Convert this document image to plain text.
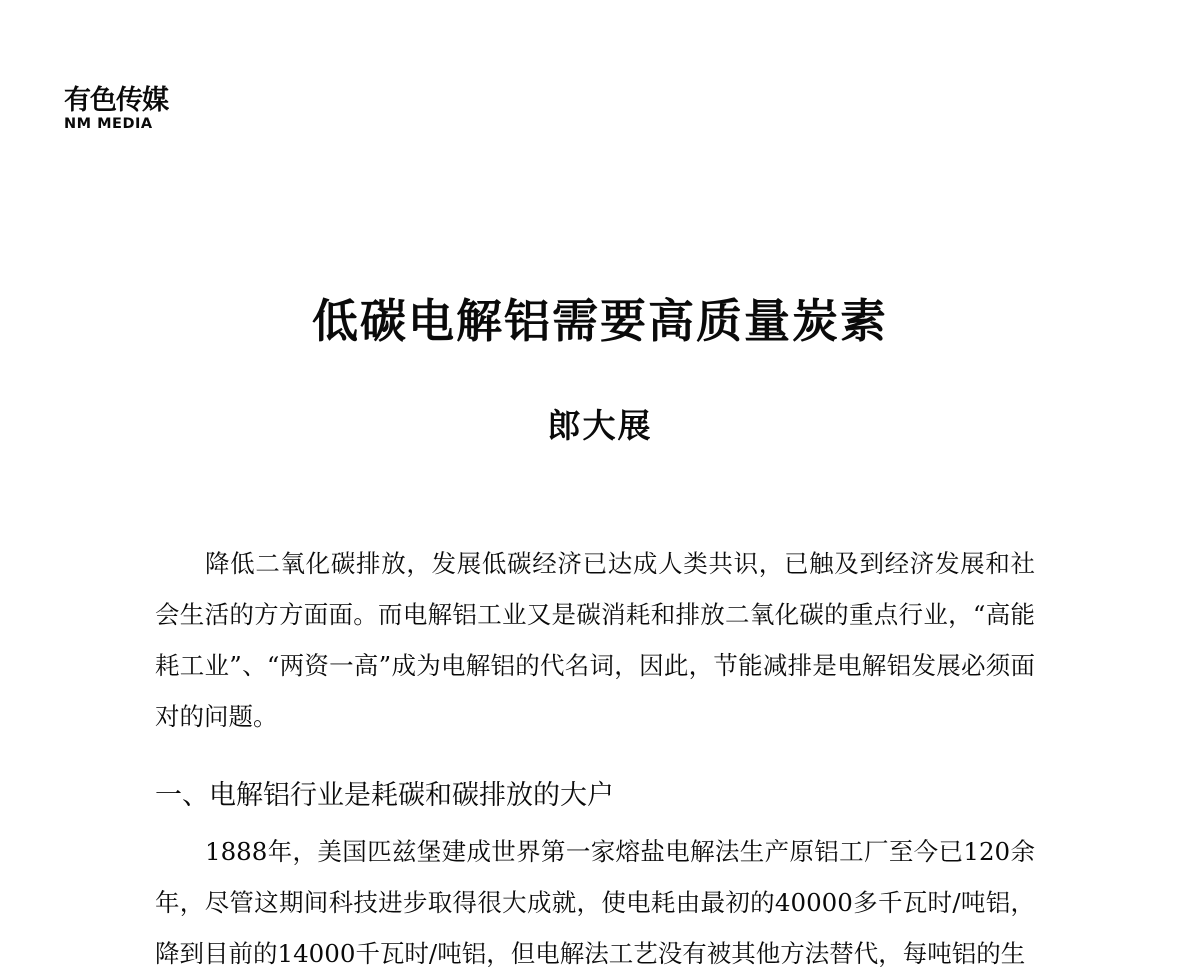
有色传媒
NM MEDIA
低碳电解铝需要高质量炭素
郎大展

降低二氧化碳排放，发展低碳经济已达成人类共识，已触及到经济发展和社会生活的方方面面。而电解铝工业又是碳消耗和排放二氧化碳的重点行业，“高能耗工业”、“两资一高”成为电解铝的代名词，因此，节能减排是电解铝发展必须面对的问题。

一、电解铝行业是耗碳和碳排放的大户

1888年，美国匹兹堡建成世界第一家熔盐电解法生产原铝工厂至今已120余年，尽管这期间科技进步取得很大成就，使电耗由最初的40000多千瓦时/吨铝，降到目前的14000千瓦时/吨铝，但电解法工艺没有被其他方法替代，每吨铝的生
